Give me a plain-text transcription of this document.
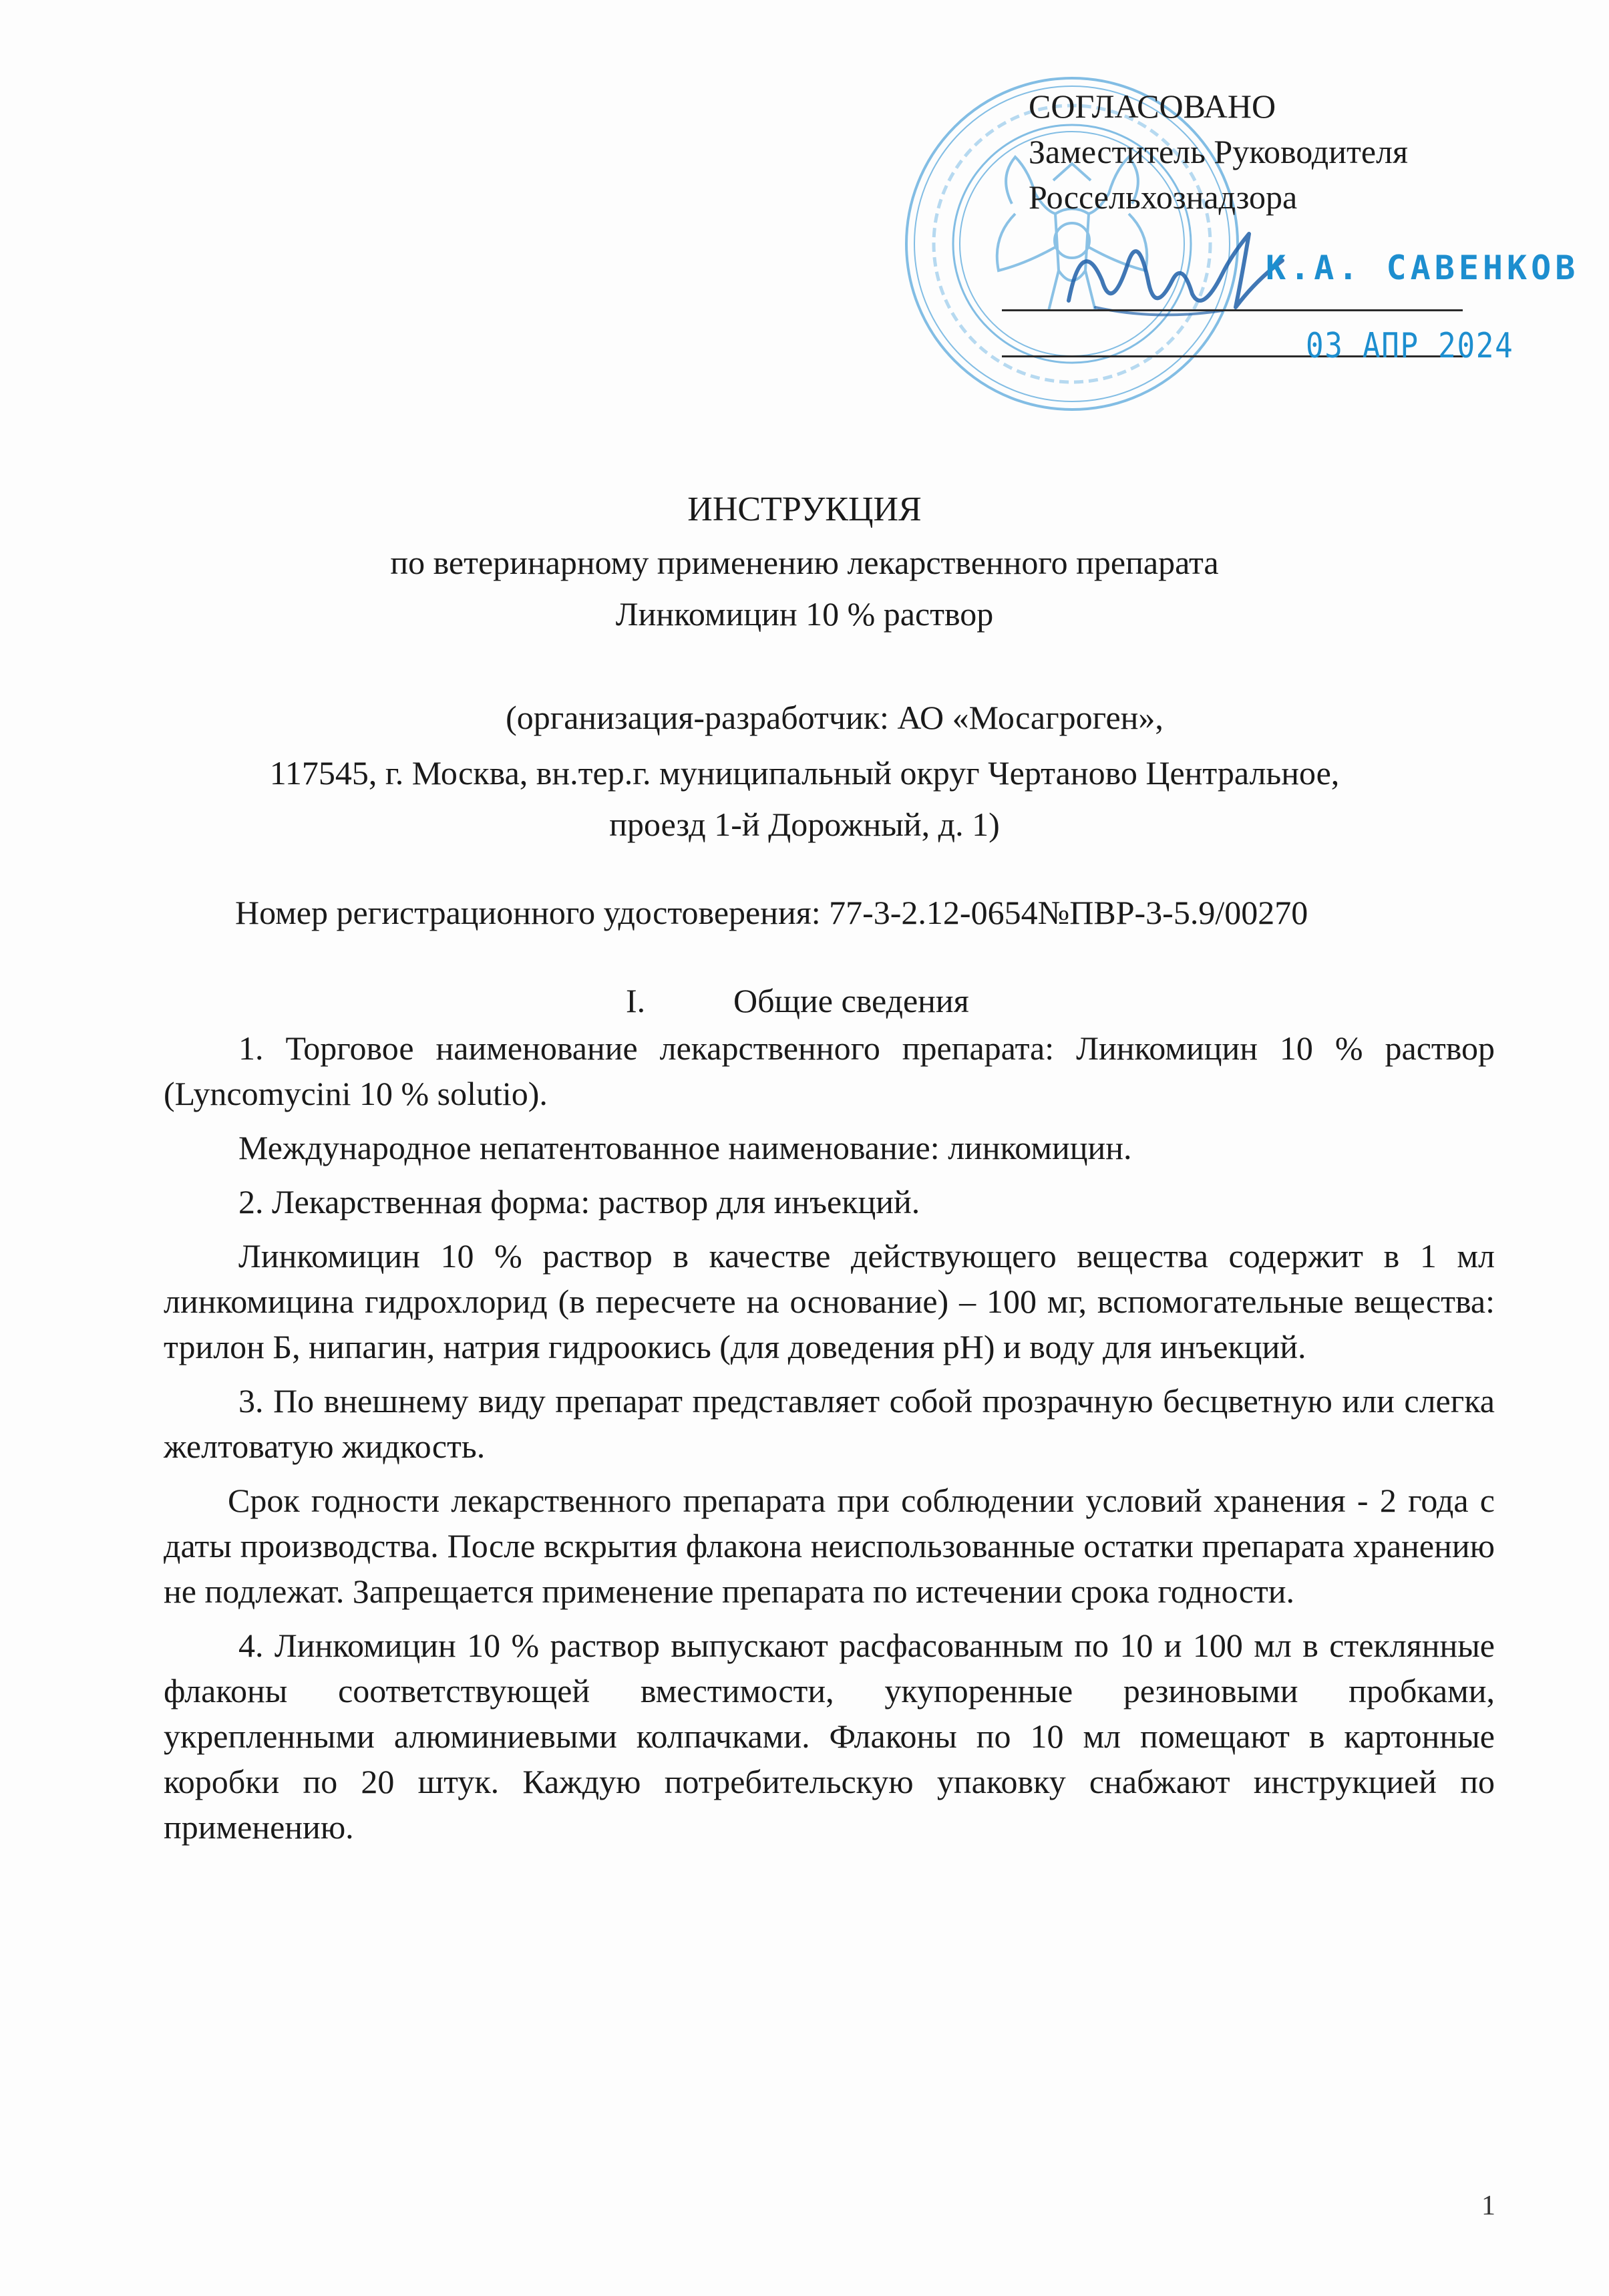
СОГЛАСОВАНО
Заместитель Руководителя
Россельхознадзора
К.А. САВЕНКОВ
03 АПР 2024
ИНСТРУКЦИЯ
по ветеринарному применению лекарственного препарата
Линкомицин 10 % раствор
(организация-разработчик: АО «Мосагроген»,
117545, г. Москва, вн.тер.г. муниципальный округ Чертаново Центральное,
проезд 1-й Дорожный, д. 1)
Номер регистрационного удостоверения: 77-3-2.12-0654№ПВР-3-5.9/00270
I.	Общие сведения

1. Торговое наименование лекарственного препарата: Линкомицин 10 % раствор (Lyncomycini 10 % solutio).

Международное непатентованное наименование: линкомицин.

2. Лекарственная форма: раствор для инъекций.

Линкомицин 10 % раствор в качестве действующего вещества содержит в 1 мл линкомицина гидрохлорид (в пересчете на основание) – 100 мг, вспомогательные вещества: трилон Б, нипагин, натрия гидроокись (для доведения pH) и воду для инъекций.

3. По внешнему виду препарат представляет собой прозрачную бесцветную или слегка желтоватую жидкость.

Срок годности лекарственного препарата при соблюдении условий хранения - 2 года с даты производства. После вскрытия флакона неиспользованные остатки препарата хранению не подлежат. Запрещается применение препарата по истечении срока годности.

4. Линкомицин 10 % раствор выпускают расфасованным по 10 и 100 мл в стеклянные флаконы соответствующей вместимости, укупоренные резиновыми пробками, укрепленными алюминиевыми колпачками. Флаконы по 10 мл помещают в картонные коробки по 20 штук. Каждую потребительскую упаковку снабжают инструкцией по применению.

1
